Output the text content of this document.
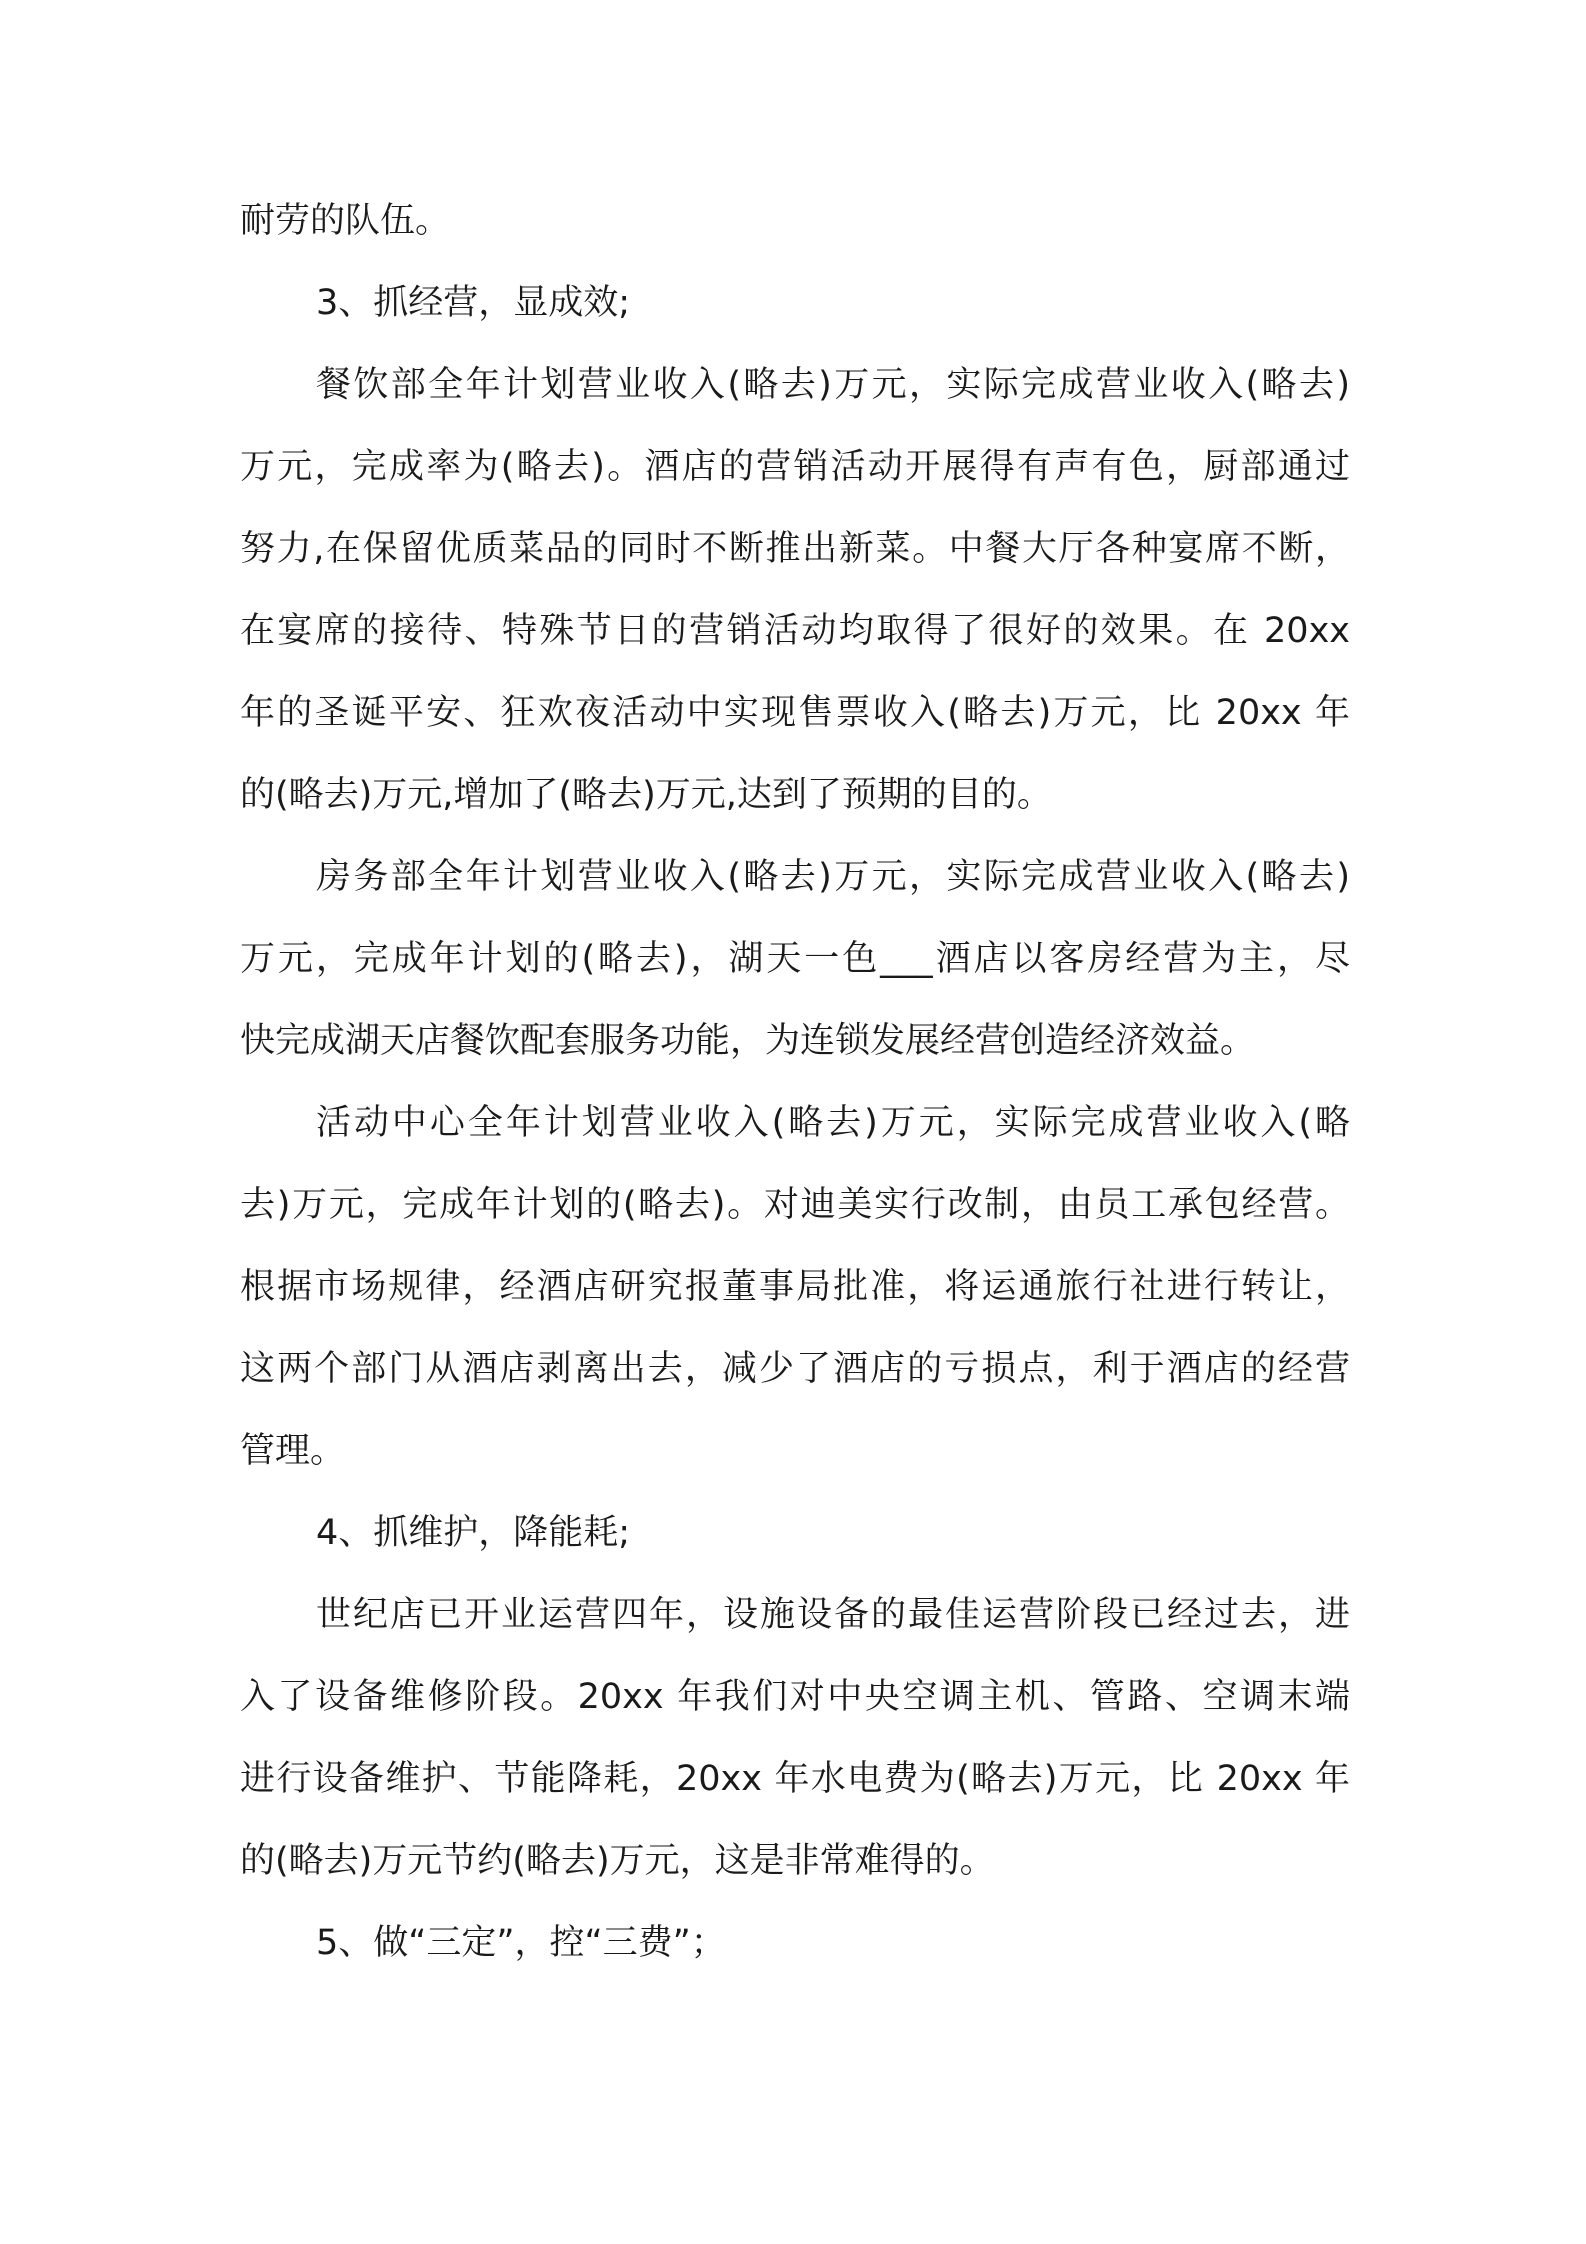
耐劳的队伍。
3、抓经营，显成效;
餐饮部全年计划营业收入(略去)万元，实际完成营业收入(略去)
万元，完成率为(略去)。酒店的营销活动开展得有声有色，厨部通过
努力,在保留优质菜品的同时不断推出新菜。中餐大厅各种宴席不断，
在宴席的接待、特殊节日的营销活动均取得了很好的效果。在 20xx
年的圣诞平安、狂欢夜活动中实现售票收入(略去)万元，比 20xx 年
的(略去)万元,增加了(略去)万元,达到了预期的目的。
房务部全年计划营业收入(略去)万元，实际完成营业收入(略去)
万元，完成年计划的(略去)，湖天一色___酒店以客房经营为主，尽
快完成湖天店餐饮配套服务功能，为连锁发展经营创造经济效益。
活动中心全年计划营业收入(略去)万元，实际完成营业收入(略
去)万元，完成年计划的(略去)。对迪美实行改制，由员工承包经营。
根据市场规律，经酒店研究报董事局批准，将运通旅行社进行转让，
这两个部门从酒店剥离出去，减少了酒店的亏损点，利于酒店的经营
管理。
4、抓维护，降能耗;
世纪店已开业运营四年，设施设备的最佳运营阶段已经过去，进
入了设备维修阶段。20xx 年我们对中央空调主机、管路、空调末端
进行设备维护、节能降耗，20xx 年水电费为(略去)万元，比 20xx 年
的(略去)万元节约(略去)万元，这是非常难得的。
5、做“三定”，控“三费”；
